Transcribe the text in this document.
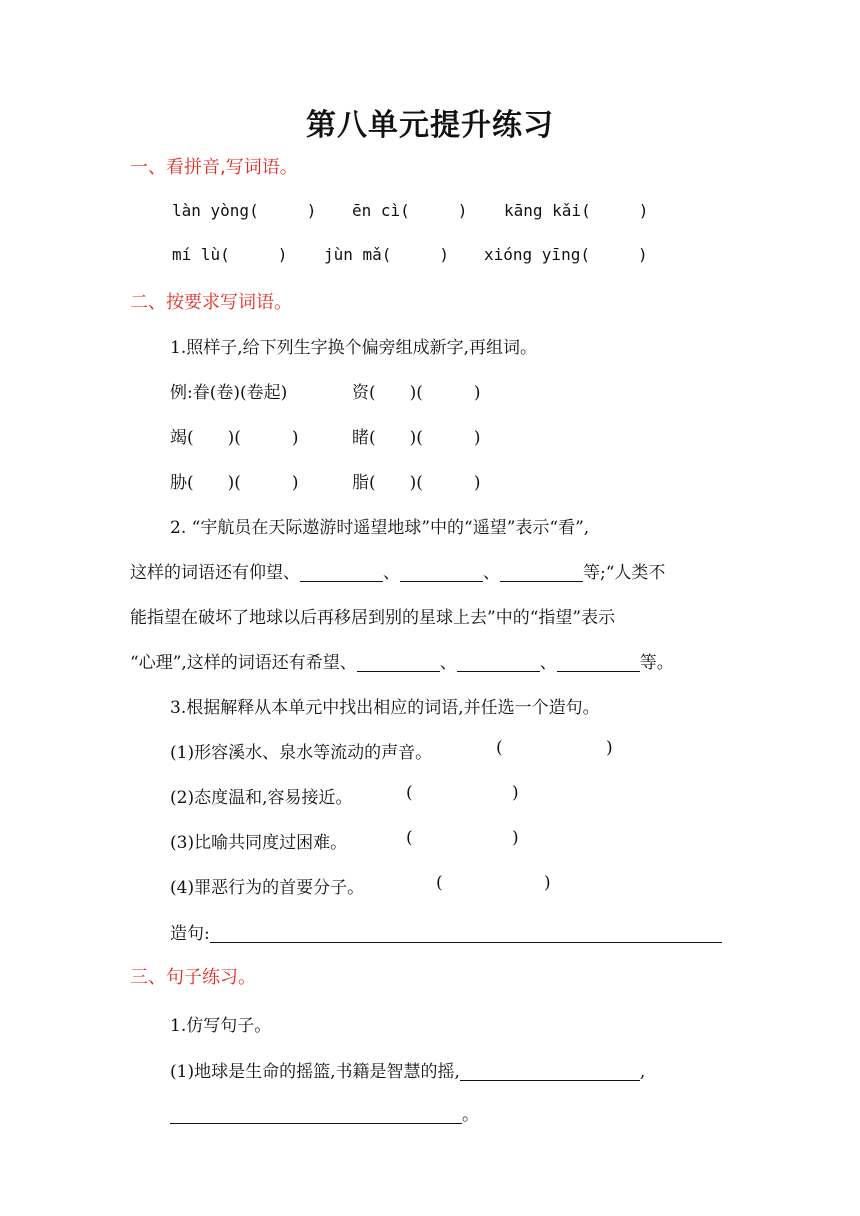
第八单元提升练习
一、看拼音,写词语。
làn yòng(　　　) ēn cì(　　　) kāng kǎi(　　　)
mí lù(　　　) jùn mǎ(　　　) xióng yīng(　　　)
二、按要求写词语。
1.照样子,给下列生字换个偏旁组成新字,再组词。
例:眷(卷)(卷起)	资(　　)(　　　)
竭(　　)(　　　)	睹(　　)(　　　)
胁(　　)(　　　)	脂(　　)(　　　)
2. “宇航员在天际遨游时遥望地球”中的“遥望”表示“看”,
这样的词语还有仰望、	、	、	等;“人类不
能指望在破坏了地球以后再移居到别的星球上去”中的“指望”表示
“心理”,这样的词语还有希望、	、	、	等。
3.根据解释从本单元中找出相应的词语,并任选一个造句。
(1)形容溪水、泉水等流动的声音。	(	)
(2)态度温和,容易接近。	(	)
(3)比喻共同度过困难。	(	)
(4)罪恶行为的首要分子。	(	)
造句:
三、句子练习。
1.仿写句子。
(1)地球是生命的摇篮,书籍是智慧的摇,	,
。
